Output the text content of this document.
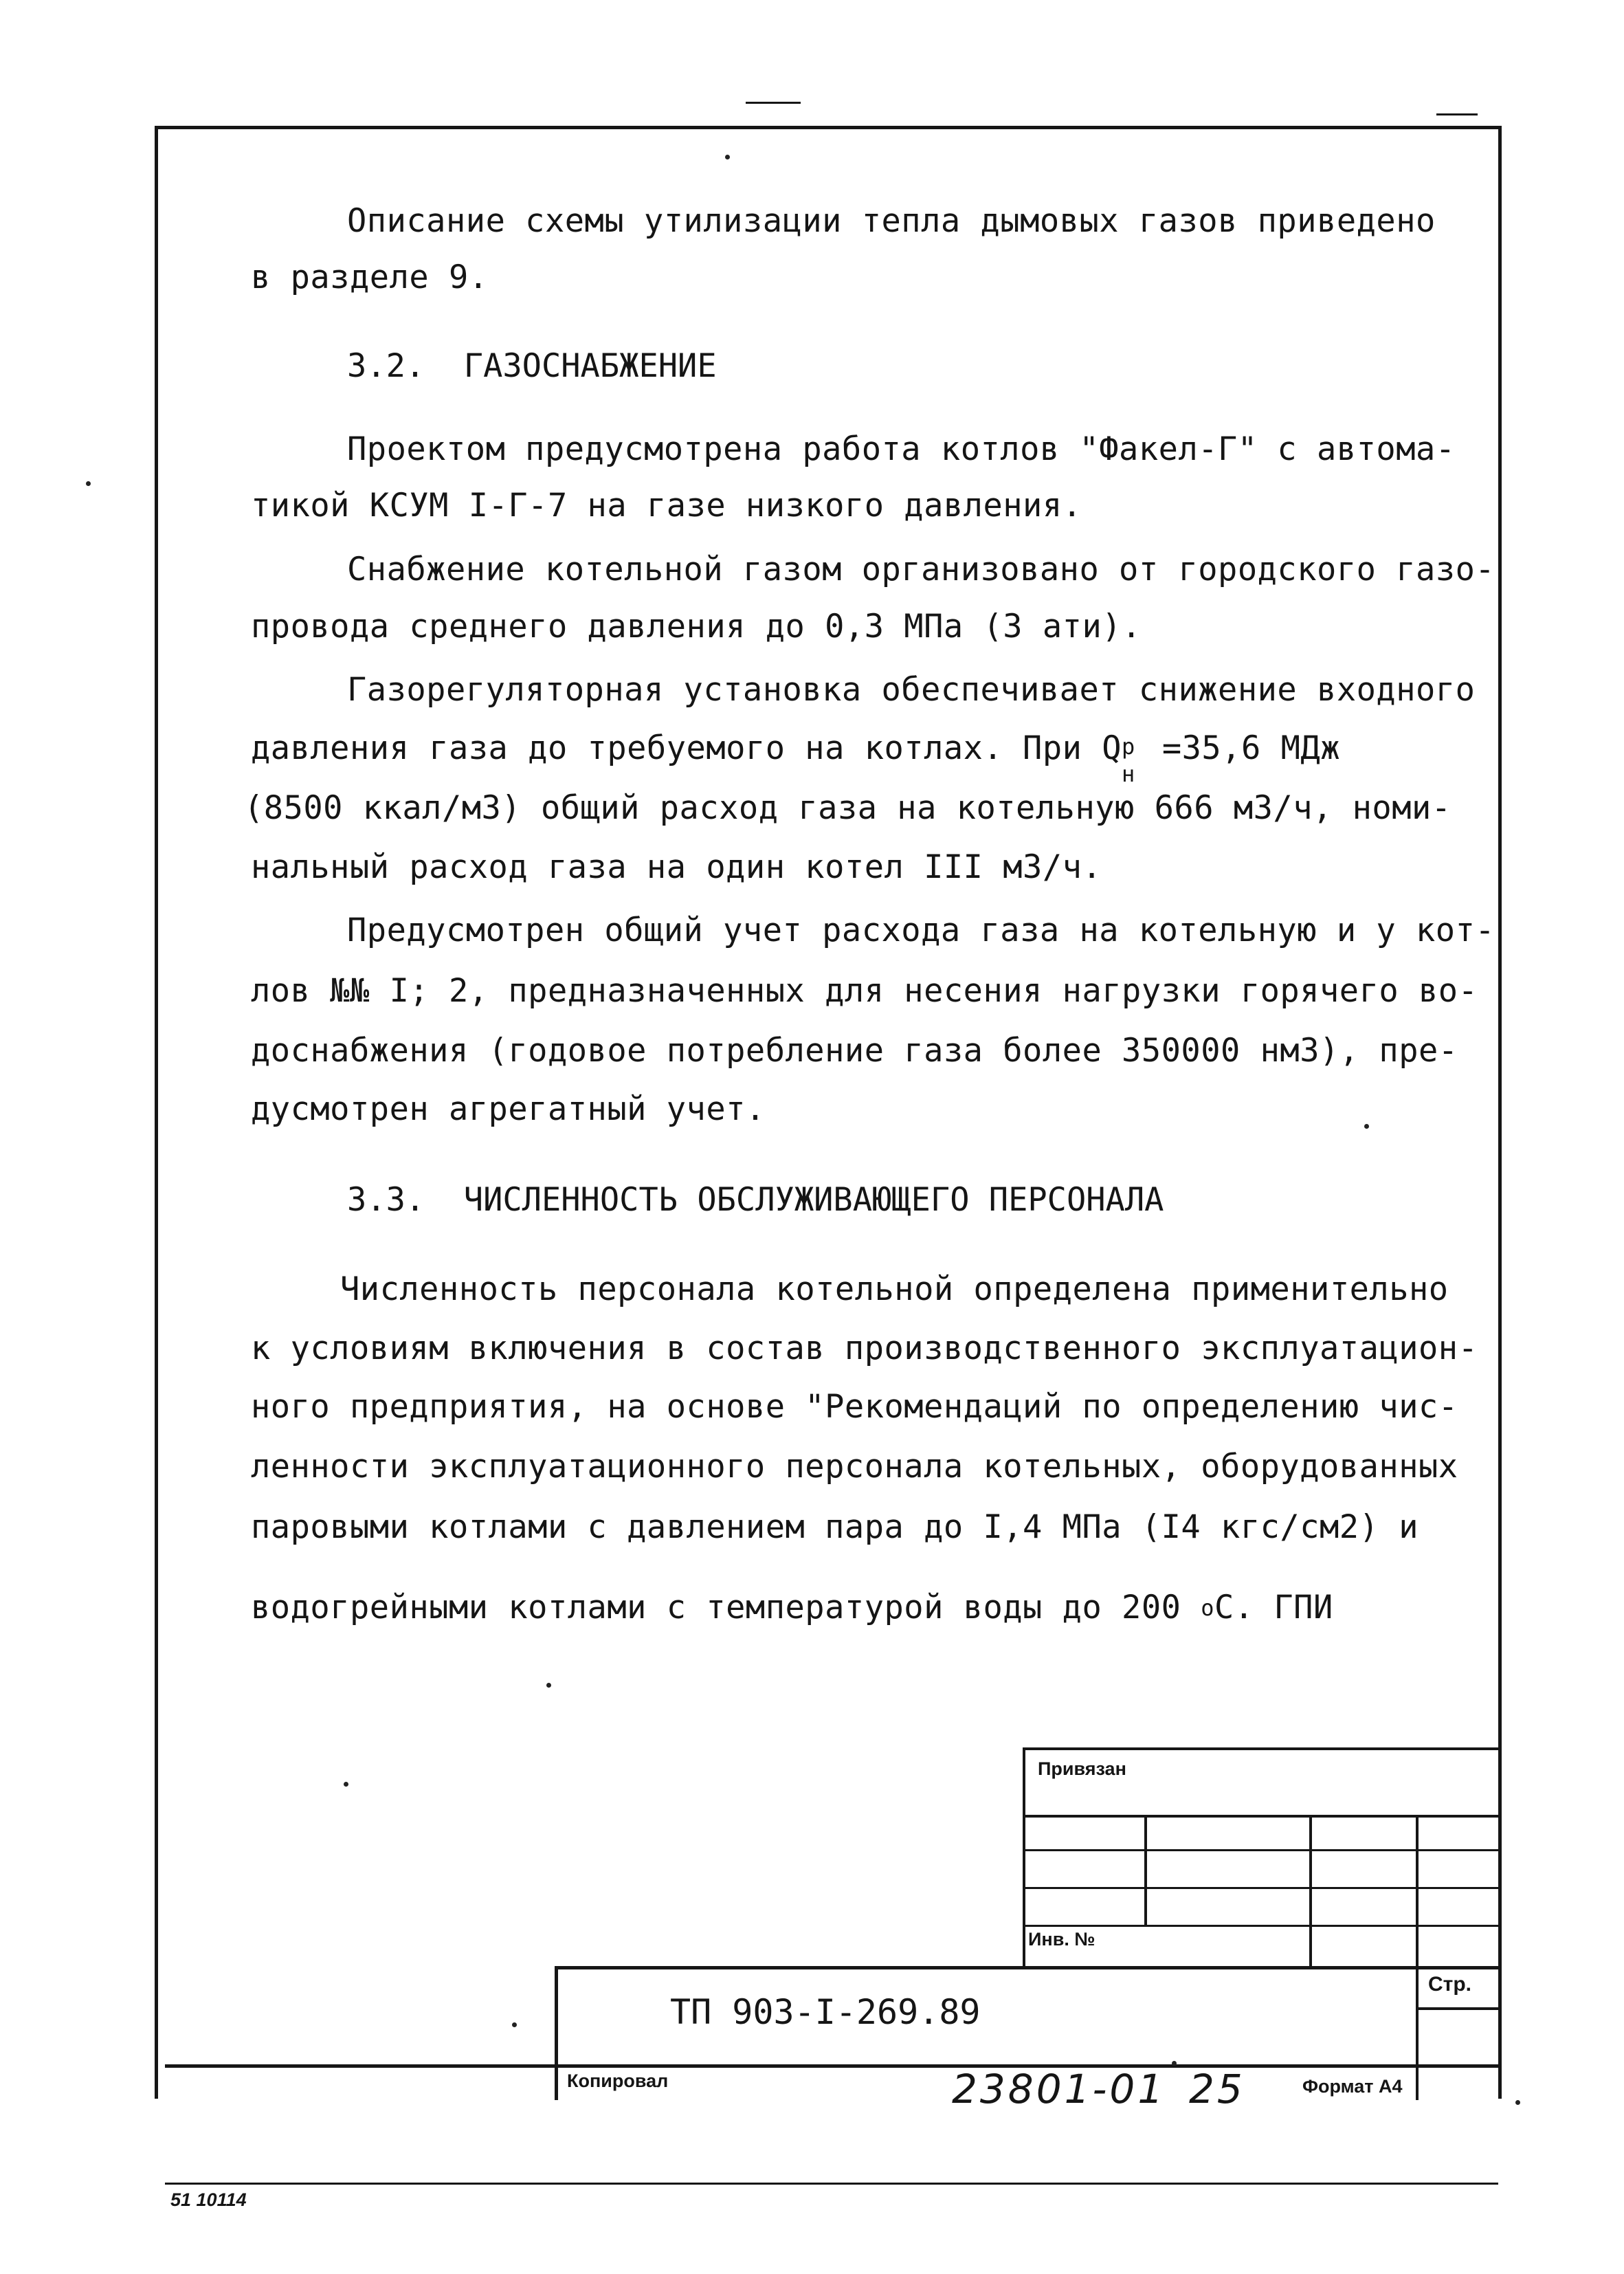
Описание схемы утилизации тепла дымовых газов приведено
в разделе 9.
3.2. ГАЗОСНАБЖЕНИЕ
Проектом предусмотрена работа котлов "Факел-Г" с автома-
тикой КСУМ I-Г-7 на газе низкого давления.
Снабжение котельной газом организовано от городского газо-
провода среднего давления до 0,3 МПа (3 ати).
Газорегуляторная установка обеспечивает снижение входного
давления газа до требуемого на котлах. При Q р
н
=35,6 МДж
(8500 ккал/м3) общий расход газа на котельную 666 м3/ч, номи-
нальный расход газа на один котел III м3/ч.
Предусмотрен общий учет расхода газа на котельную и у кот-
лов №№ I; 2, предназначенных для несения нагрузки горячего во-
доснабжения (годовое потребление газа более 350000 нм3), пре-
дусмотрен агрегатный учет.
3.3. ЧИСЛЕННОСТЬ ОБСЛУЖИВАЮЩЕГО ПЕРСОНАЛА
Численность персонала котельной определена применительно
к условиям включения в состав производственного эксплуатацион-
ного предприятия, на основе "Рекомендаций по определению чис-
ленности эксплуатационного персонала котельных, оборудованных
паровыми котлами с давлением пара до I,4 МПа (I4 кгс/см2) и
водогрейными котлами с температурой воды до 200 $^о$С. ГПИ
Привязан
Инв. №
ТП 903-I-269.89
Стр.
Копировал	23801-01 25	Формат А4
51 10114
